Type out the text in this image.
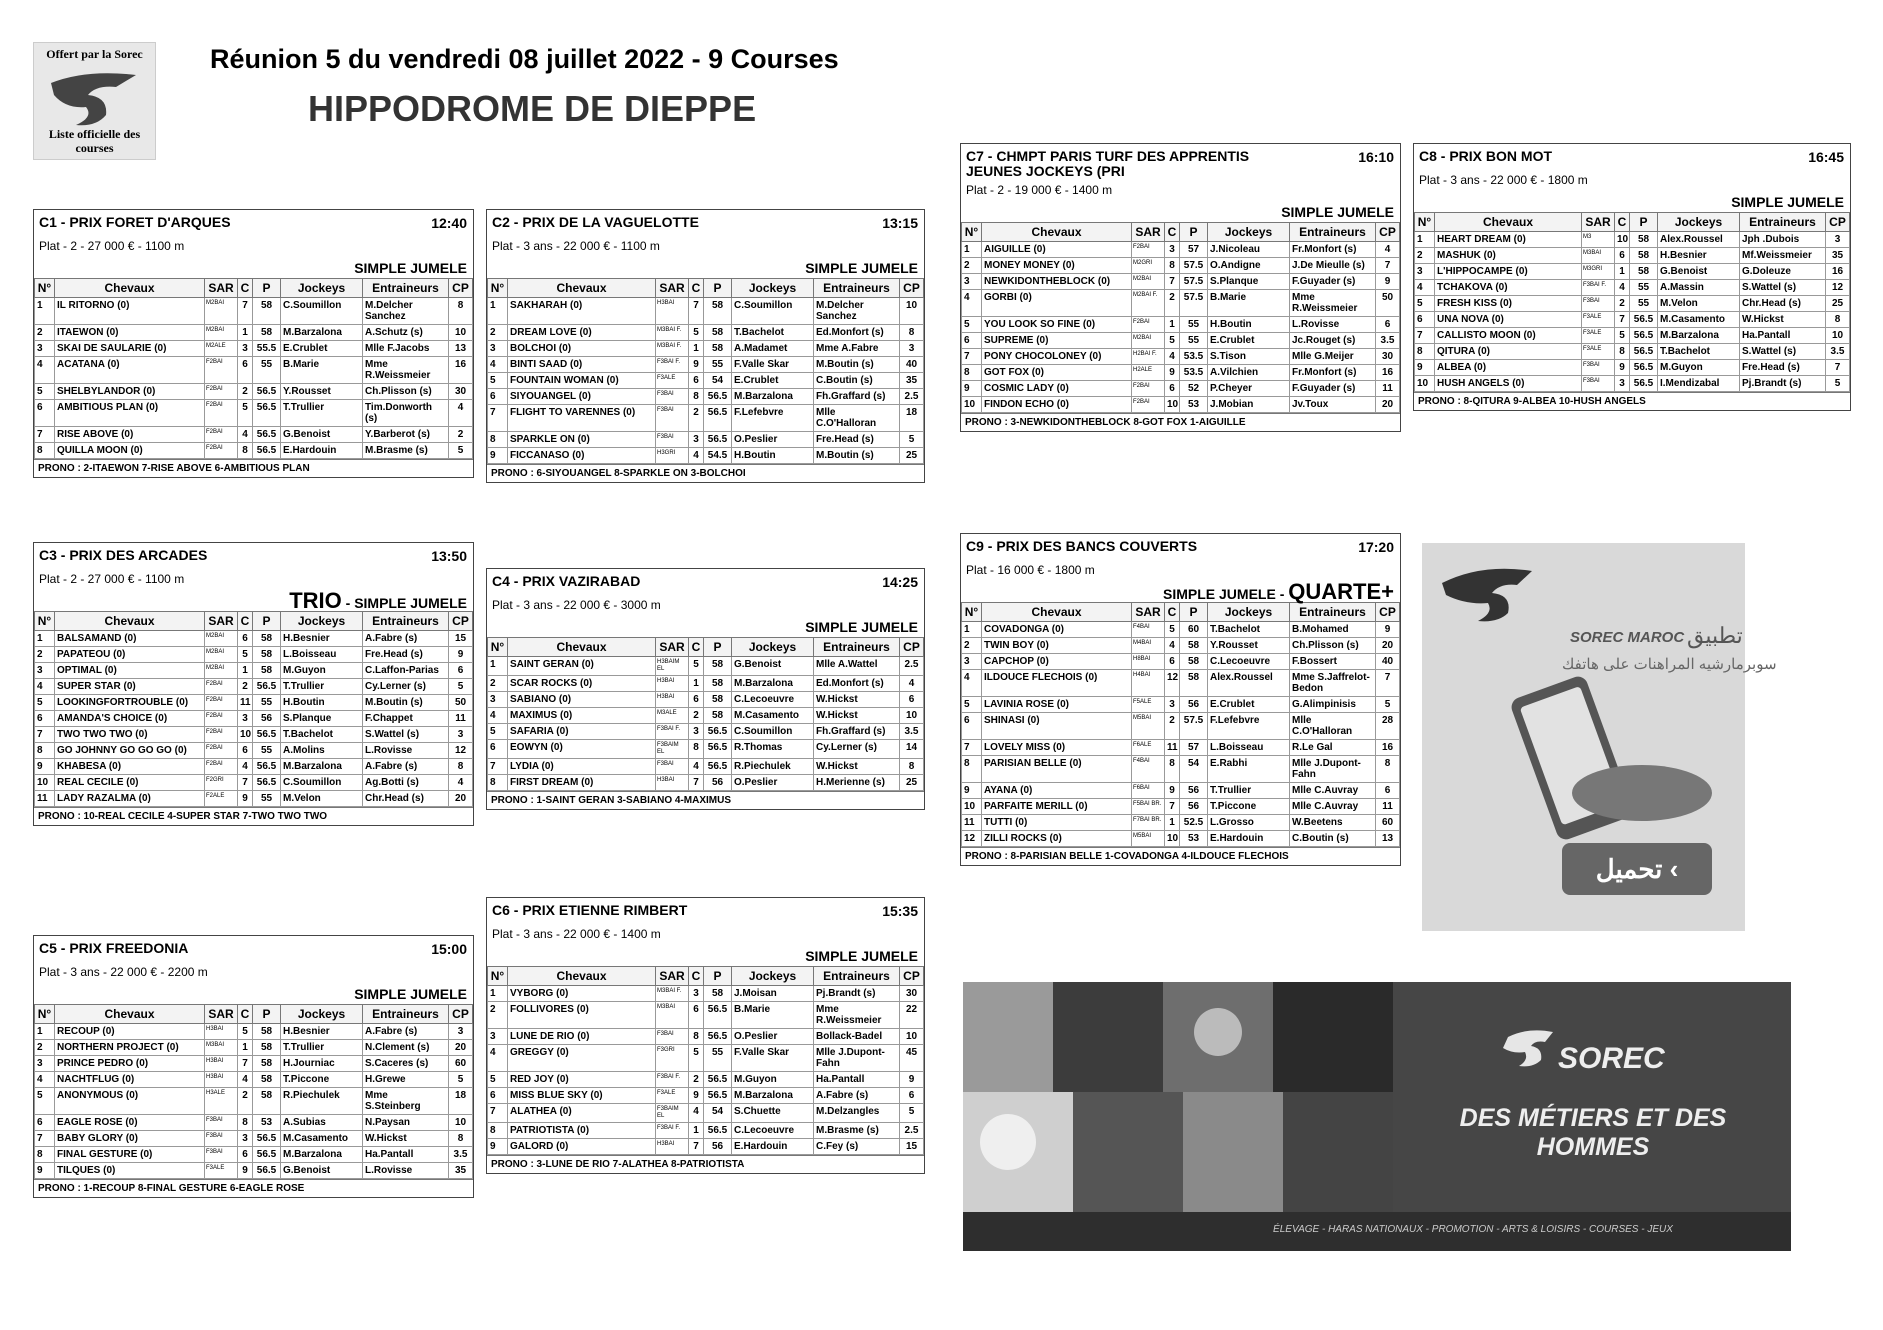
Offert par la Sorec
Liste officielle des courses
Réunion 5 du vendredi 08 juillet 2022 - 9 Courses
HIPPODROME DE DIEPPE
C1 - PRIX FORET D'ARQUES	12:40
Plat - 2 - 27 000 € - 1100 m
SIMPLE JUMELE
N°	Chevaux	SAR	C	P	Jockeys	Entraineurs	CP
1	IL RITORNO (0)	M2BAI	7	58	C.Soumillon	M.Delcher Sanchez	8
2	ITAEWON (0)	M2BAI	1	58	M.Barzalona	A.Schutz (s)	10
3	SKAI DE SAULARIE (0)	M2ALE	3	55.5	E.Crublet	Mlle F.Jacobs	13
4	ACATANA (0)	F2BAI	6	55	B.Marie	Mme R.Weissmeier	16
5	SHELBYLANDOR (0)	F2BAI	2	56.5	Y.Rousset	Ch.Plisson (s)	30
6	AMBITIOUS PLAN (0)	F2BAI	5	56.5	T.Trullier	Tim.Donworth (s)	4
7	RISE ABOVE (0)	F2BAI	4	56.5	G.Benoist	Y.Barberot (s)	2
8	QUILLA MOON (0)	F2BAI	8	56.5	E.Hardouin	M.Brasme (s)	5
PRONO : 2-ITAEWON 7-RISE ABOVE 6-AMBITIOUS PLAN
C2 - PRIX DE LA VAGUELOTTE	13:15
Plat - 3 ans - 22 000 € - 1100 m
SIMPLE JUMELE
N°	Chevaux	SAR	C	P	Jockeys	Entraineurs	CP
1	SAKHARAH (0)	H3BAI	7	58	C.Soumillon	M.Delcher Sanchez	10
2	DREAM LOVE (0)	M3BAI F.	5	58	T.Bachelot	Ed.Monfort (s)	8
3	BOLCHOI (0)	M3BAI F.	1	58	A.Madamet	Mme A.Fabre	3
4	BINTI SAAD (0)	F3BAI F.	9	55	F.Valle Skar	M.Boutin (s)	40
5	FOUNTAIN WOMAN (0)	F3ALE	6	54	E.Crublet	C.Boutin (s)	35
6	SIYOUANGEL (0)	F3BAI	8	56.5	M.Barzalona	Fh.Graffard (s)	2.5
7	FLIGHT TO VARENNES (0)	F3BAI	2	56.5	F.Lefebvre	Mlle C.O'Halloran	18
8	SPARKLE ON (0)	F3BAI	3	56.5	O.Peslier	Fre.Head (s)	5
9	FICCANASO (0)	H3GRI	4	54.5	H.Boutin	M.Boutin (s)	25
PRONO : 6-SIYOUANGEL 8-SPARKLE ON 3-BOLCHOI
C3 - PRIX DES ARCADES	13:50
Plat - 2 - 27 000 € - 1100 m
TRIO - SIMPLE JUMELE
N°	Chevaux	SAR	C	P	Jockeys	Entraineurs	CP
1	BALSAMAND (0)	M2BAI	6	58	H.Besnier	A.Fabre (s)	15
2	PAPATEOU (0)	M2BAI	5	58	L.Boisseau	Fre.Head (s)	9
3	OPTIMAL (0)	M2BAI	1	58	M.Guyon	C.Laffon-Parias	6
4	SUPER STAR (0)	F2BAI	2	56.5	T.Trullier	Cy.Lerner (s)	5
5	LOOKINGFORTROUBLE (0)	F2BAI	11	55	H.Boutin	M.Boutin (s)	50
6	AMANDA'S CHOICE (0)	F2BAI	3	56	S.Planque	F.Chappet	11
7	TWO TWO TWO (0)	F2BAI	10	56.5	T.Bachelot	S.Wattel (s)	3
8	GO JOHNNY GO GO GO (0)	F2BAI	6	55	A.Molins	L.Rovisse	12
9	KHABESA (0)	F2BAI	4	56.5	M.Barzalona	A.Fabre (s)	8
10	REAL CECILE (0)	F2GRI	7	56.5	C.Soumillon	Ag.Botti (s)	4
11	LADY RAZALMA (0)	F2ALE	9	55	M.Velon	Chr.Head (s)	20
PRONO : 10-REAL CECILE 4-SUPER STAR 7-TWO TWO TWO
C4 - PRIX VAZIRABAD	14:25
Plat - 3 ans - 22 000 € - 3000 m
SIMPLE JUMELE
N°	Chevaux	SAR	C	P	Jockeys	Entraineurs	CP
1	SAINT GERAN (0)	H3BAIM EL	5	58	G.Benoist	Mlle A.Wattel	2.5
2	SCAR ROCKS (0)	H3BAI	1	58	M.Barzalona	Ed.Monfort (s)	4
3	SABIANO (0)	H3BAI	6	58	C.Lecoeuvre	W.Hickst	6
4	MAXIMUS (0)	M3ALE	2	58	M.Casamento	W.Hickst	10
5	SAFARIA (0)	F3BAI F.	3	56.5	C.Soumillon	Fh.Graffard (s)	3.5
6	EOWYN (0)	F3BAIM EL	8	56.5	R.Thomas	Cy.Lerner (s)	14
7	LYDIA (0)	F3BAI	4	56.5	R.Piechulek	W.Hickst	8
8	FIRST DREAM (0)	H3BAI	7	56	O.Peslier	H.Merienne (s)	25
PRONO : 1-SAINT GERAN 3-SABIANO 4-MAXIMUS
C5 - PRIX FREEDONIA	15:00
Plat - 3 ans - 22 000 € - 2200 m
SIMPLE JUMELE
N°	Chevaux	SAR	C	P	Jockeys	Entraineurs	CP
1	RECOUP (0)	H3BAI	5	58	H.Besnier	A.Fabre (s)	3
2	NORTHERN PROJECT (0)	M3BAI	1	58	T.Trullier	N.Clement (s)	20
3	PRINCE PEDRO (0)	H3BAI	7	58	H.Journiac	S.Caceres (s)	60
4	NACHTFLUG (0)	H3BAI	4	58	T.Piccone	H.Grewe	5
5	ANONYMOUS (0)	H3ALE	2	58	R.Piechulek	Mme S.Steinberg	18
6	EAGLE ROSE (0)	F3BAI	8	53	A.Subias	N.Paysan	10
7	BABY GLORY (0)	F3BAI	3	56.5	M.Casamento	W.Hickst	8
8	FINAL GESTURE (0)	F3BAI	6	56.5	M.Barzalona	Ha.Pantall	3.5
9	TILQUES (0)	F3ALE	9	56.5	G.Benoist	L.Rovisse	35
PRONO : 1-RECOUP 8-FINAL GESTURE 6-EAGLE ROSE
C6 - PRIX ETIENNE RIMBERT	15:35
Plat - 3 ans - 22 000 € - 1400 m
SIMPLE JUMELE
N°	Chevaux	SAR	C	P	Jockeys	Entraineurs	CP
1	VYBORG (0)	M3BAI F.	3	58	J.Moisan	Pj.Brandt (s)	30
2	FOLLIVORES (0)	M3BAI	6	56.5	B.Marie	Mme R.Weissmeier	22
3	LUNE DE RIO (0)	F3BAI	8	56.5	O.Peslier	Bollack-Badel	10
4	GREGGY (0)	F3GRI	5	55	F.Valle Skar	Mlle J.Dupont-Fahn	45
5	RED JOY (0)	F3BAI F.	2	56.5	M.Guyon	Ha.Pantall	9
6	MISS BLUE SKY (0)	F3ALE	9	56.5	M.Barzalona	A.Fabre (s)	6
7	ALATHEA (0)	F3BAIM EL	4	54	S.Chuette	M.Delzangles	5
8	PATRIOTISTA (0)	F3BAI F.	1	56.5	C.Lecoeuvre	M.Brasme (s)	2.5
9	GALORD (0)	H3BAI	7	56	E.Hardouin	C.Fey (s)	15
PRONO : 3-LUNE DE RIO 7-ALATHEA 8-PATRIOTISTA
C7 - CHMPT PARIS TURF DES APPRENTIS JEUNES JOCKEYS (PRI
16:10
Plat - 2 - 19 000 € - 1400 m
SIMPLE JUMELE
N°	Chevaux	SAR	C	P	Jockeys	Entraineurs	CP
1	AIGUILLE (0)	F2BAI	3	57	J.Nicoleau	Fr.Monfort (s)	4
2	MONEY MONEY (0)	M2GRI	8	57.5	O.Andigne	J.De Mieulle (s)	7
3	NEWKIDONTHEBLOCK (0)	M2BAI	7	57.5	S.Planque	F.Guyader (s)	9
4	GORBI (0)	M2BAI F.	2	57.5	B.Marie	Mme R.Weissmeier	50
5	YOU LOOK SO FINE (0)	F2BAI	1	55	H.Boutin	L.Rovisse	6
6	SUPREME (0)	M2BAI	5	55	E.Crublet	Jc.Rouget (s)	3.5
7	PONY CHOCOLONEY (0)	H2BAI F.	4	53.5	S.Tison	Mlle G.Meijer	30
8	GOT FOX (0)	H2ALE	9	53.5	A.Vilchien	Fr.Monfort (s)	16
9	COSMIC LADY (0)	F2BAI	6	52	P.Cheyer	F.Guyader (s)	11
10	FINDON ECHO (0)	F2BAI	10	53	J.Mobian	Jv.Toux	20
PRONO : 3-NEWKIDONTHEBLOCK 8-GOT FOX 1-AIGUILLE
C8 - PRIX BON MOT	16:45
Plat - 3 ans - 22 000 € - 1800 m
SIMPLE JUMELE
N°	Chevaux	SAR	C	P	Jockeys	Entraineurs	CP
1	HEART DREAM (0)	M3	10	58	Alex.Roussel	Jph .Dubois	3
2	MASHUK (0)	M3BAI	6	58	H.Besnier	Mf.Weissmeier	35
3	L'HIPPOCAMPE (0)	M3GRI	1	58	G.Benoist	G.Doleuze	16
4	TCHAKOVA (0)	F3BAI F.	4	55	A.Massin	S.Wattel (s)	12
5	FRESH KISS (0)	F3BAI	2	55	M.Velon	Chr.Head (s)	25
6	UNA NOVA (0)	F3ALE	7	56.5	M.Casamento	W.Hickst	8
7	CALLISTO MOON (0)	F3ALE	5	56.5	M.Barzalona	Ha.Pantall	10
8	QITURA (0)	F3ALE	8	56.5	T.Bachelot	S.Wattel (s)	3.5
9	ALBEA (0)	F3BAI	9	56.5	M.Guyon	Fre.Head (s)	7
10	HUSH ANGELS (0)	F3BAI	3	56.5	I.Mendizabal	Pj.Brandt (s)	5
PRONO : 8-QITURA 9-ALBEA 10-HUSH ANGELS
C9 - PRIX DES BANCS COUVERTS	17:20
Plat - 16 000 € - 1800 m
SIMPLE JUMELE - QUARTE+
N°	Chevaux	SAR	C	P	Jockeys	Entraineurs	CP
1	COVADONGA (0)	F4BAI	5	60	T.Bachelot	B.Mohamed	9
2	TWIN BOY (0)	M4BAI	4	58	Y.Rousset	Ch.Plisson (s)	20
3	CAPCHOP (0)	H8BAI	6	58	C.Lecoeuvre	F.Bossert	40
4	ILDOUCE FLECHOIS (0)	H4BAI	12	58	Alex.Roussel	Mme S.Jaffrelot-Bedon	7
5	LAVINIA ROSE (0)	F5ALE	3	56	E.Crublet	G.Alimpinisis	5
6	SHINASI (0)	M5BAI	2	57.5	F.Lefebvre	Mlle C.O'Halloran	28
7	LOVELY MISS (0)	F6ALE	11	57	L.Boisseau	R.Le Gal	16
8	PARISIAN BELLE (0)	F4BAI	8	54	E.Rabhi	Mlle J.Dupont-Fahn	8
9	AYANA (0)	F6BAI	9	56	T.Trullier	Mlle C.Auvray	6
10	PARFAITE MERILL (0)	F5BAI BR.	7	56	T.Piccone	Mlle C.Auvray	11
11	TUTTI (0)	F7BAI BR.	1	52.5	L.Grosso	W.Beetens	60
12	ZILLI ROCKS (0)	M5BAI	10	53	E.Hardouin	C.Boutin (s)	13
PRONO : 8-PARISIAN BELLE 1-COVADONGA 4-ILDOUCE FLECHOIS
SOREC MAROC تطبيق
سوبرمارشيه المراهنات على هاتفك
تحميل ‹
SOREC
DES MÉTIERS ET DES HOMMES
ÉLEVAGE - HARAS NATIONAUX - PROMOTION - ARTS & LOISIRS - COURSES - JEUX
